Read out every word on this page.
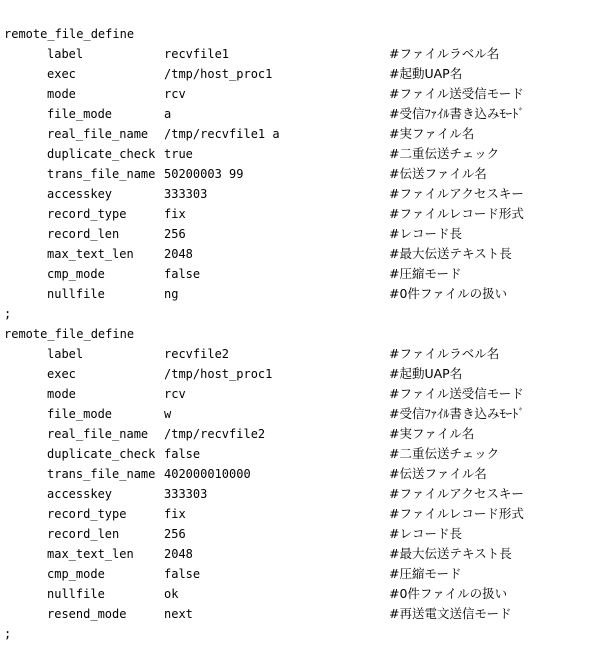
remote_file_define
label	recvfile1	#ファイルラベル名
exec	/tmp/host_proc1	#起動UAP名
mode	rcv	#ファイル送受信モード
file_mode	a	#受信ﾌｧｲﾙ書き込みﾓｰﾄﾞ
real_file_name /tmp/recvfile1 a	#実ファイル名
duplicate_check true	#二重伝送チェック
trans_file_name 50200003 99	#伝送ファイル名
accesskey	333303	#ファイルアクセスキー
record_type	fix	#ファイルレコード形式
record_len	256	#レコード長
max_text_len	2048	#最大伝送テキスト長
cmp_mode	false	#圧縮モード
nullfile	ng	#0件ファイルの扱い
;
remote_file_define
label	recvfile2	#ファイルラベル名
exec	/tmp/host_proc1	#起動UAP名
mode	rcv	#ファイル送受信モード
file_mode	w	#受信ﾌｧｲﾙ書き込みﾓｰﾄﾞ
real_file_name /tmp/recvfile2	#実ファイル名
duplicate_check false	#二重伝送チェック
trans_file_name 402000010000	#伝送ファイル名
accesskey	333303	#ファイルアクセスキー
record_type	fix	#ファイルレコード形式
record_len	256	#レコード長
max_text_len	2048	#最大伝送テキスト長
cmp_mode	false	#圧縮モード
nullfile	ok	#0件ファイルの扱い
resend_mode	next	#再送電文送信モード
;
